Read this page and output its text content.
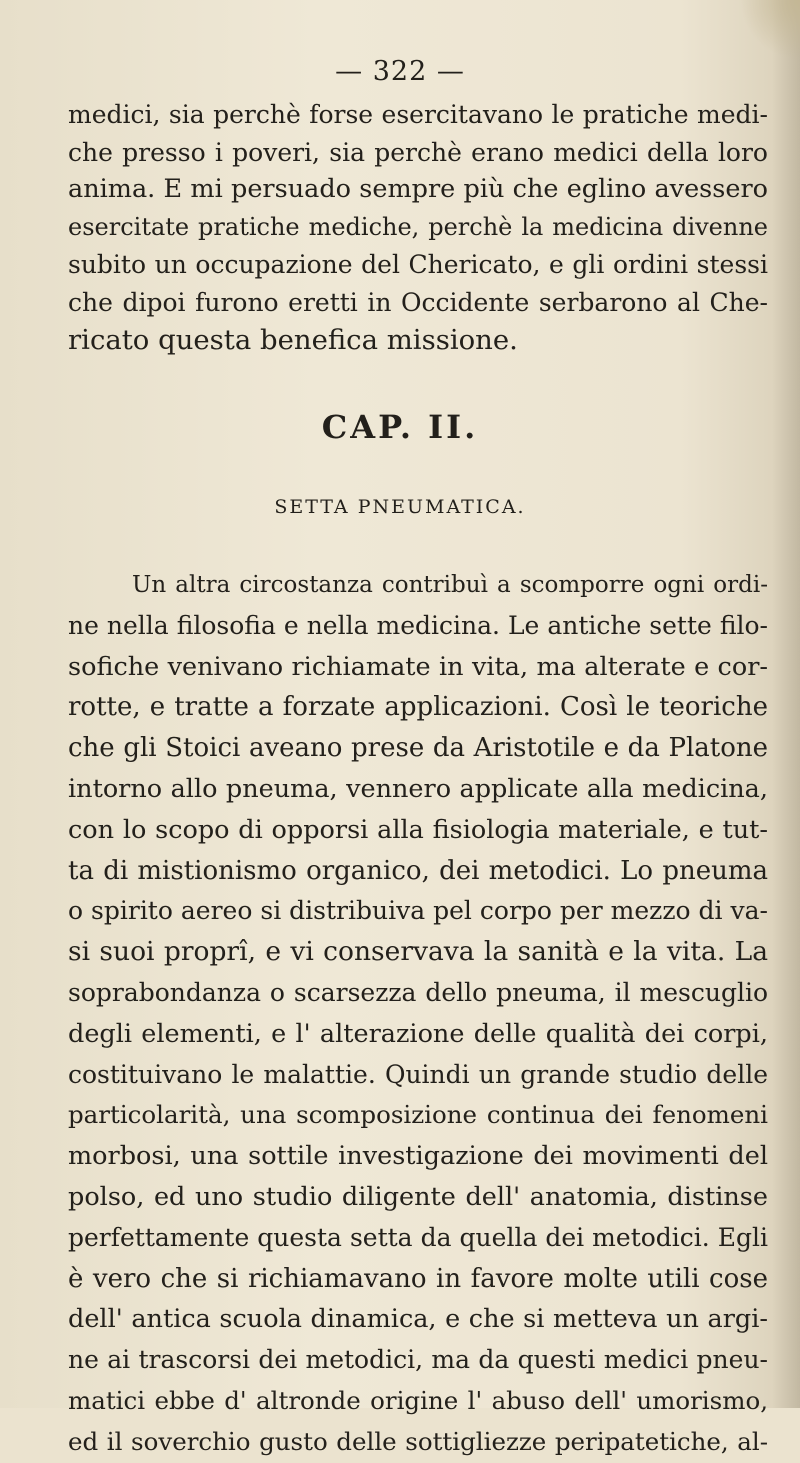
— 322 —
medici, sia perchè forse esercitavano le pratiche medi-
che presso i poveri, sia perchè erano medici della loro
anima. E mi persuado sempre più che eglino avessero
esercitate pratiche mediche, perchè la medicina divenne
subito un occupazione del Chericato, e gli ordini stessi
che dipoi furono eretti in Occidente serbarono al Che-
ricato questa benefica missione.
CAP. II.
SETTA PNEUMATICA.
Un altra circostanza contribuì a scomporre ogni ordi-
ne nella filosofia e nella medicina. Le antiche sette filo-
sofiche venivano richiamate in vita, ma alterate e cor-
rotte, e tratte a forzate applicazioni. Così le teoriche
che gli Stoici aveano prese da Aristotile e da Platone
intorno allo pneuma, vennero applicate alla medicina,
con lo scopo di opporsi alla fisiologia materiale, e tut-
ta di mistionismo organico, dei metodici. Lo pneuma
o spirito aereo si distribuiva pel corpo per mezzo di va-
si suoi proprî, e vi conservava la sanità e la vita. La
soprabondanza o scarsezza dello pneuma, il mescuglio
degli elementi, e l' alterazione delle qualità dei corpi,
costituivano le malattie. Quindi un grande studio delle
particolarità, una scomposizione continua dei fenomeni
morbosi, una sottile investigazione dei movimenti del
polso, ed uno studio diligente dell' anatomia, distinse
perfettamente questa setta da quella dei metodici. Egli
è vero che si richiamavano in favore molte utili cose
dell' antica scuola dinamica, e che si metteva un argi-
ne ai trascorsi dei metodici, ma da questi medici pneu-
matici ebbe d' altronde origine l' abuso dell' umorismo,
ed il soverchio gusto delle sottigliezze peripatetiche, al-
